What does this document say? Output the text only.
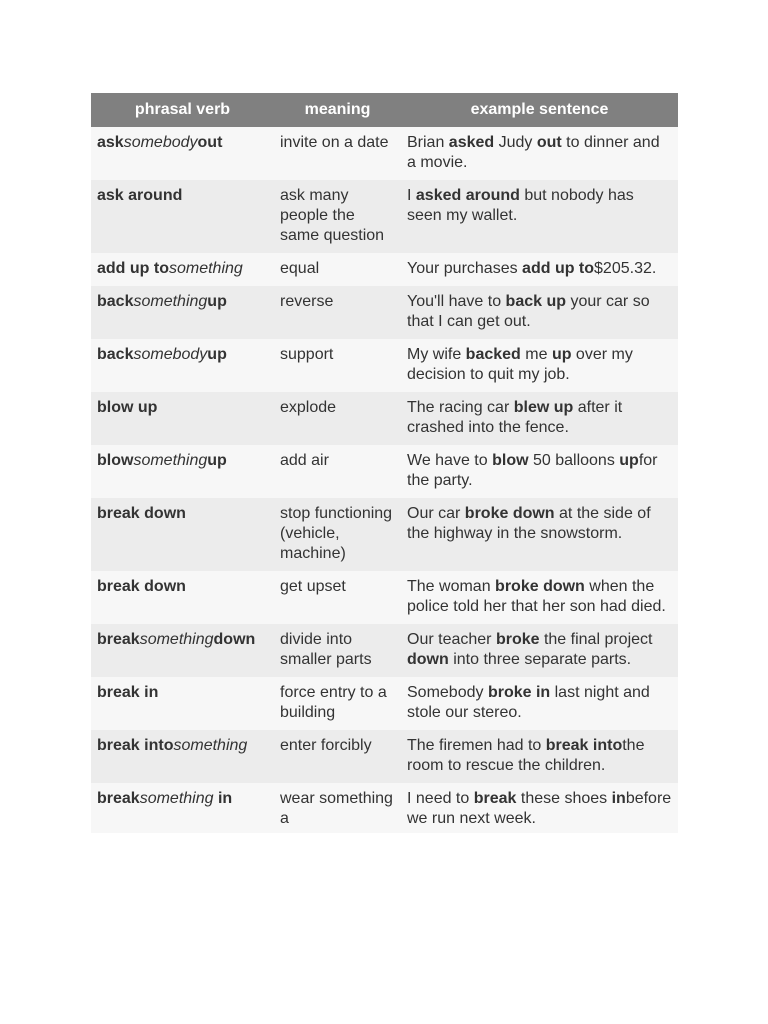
phrasal verb	meaning	example sentence
asksomebodyout	invite on a date	Brian asked Judy out to dinner and a movie.
ask around	ask many people the same question	I asked around but nobody has seen my wallet.
add up tosomething	equal	Your purchases add up to$205.32.
backsomethingup	reverse	You'll have to back up your car so that I can get out.
backsomebodyup	support	My wife backed me up over my decision to quit my job.
blow up	explode	The racing car blew up after it crashed into the fence.
blowsomethingup	add air	We have to blow 50 balloons upfor the party.
break down	stop functioning (vehicle, machine)	Our car broke down at the side of the highway in the snowstorm.
break down	get upset	The woman broke down when the police told her that her son had died.
breaksomethingdown	divide into smaller parts	Our teacher broke the final project down into three separate parts.
break in	force entry to a building	Somebody broke in last night and stole our stereo.
break intosomething	enter forcibly	The firemen had to break intothe room to rescue the children.
breaksomething in	wear something a	I need to break these shoes inbefore we run next week.
